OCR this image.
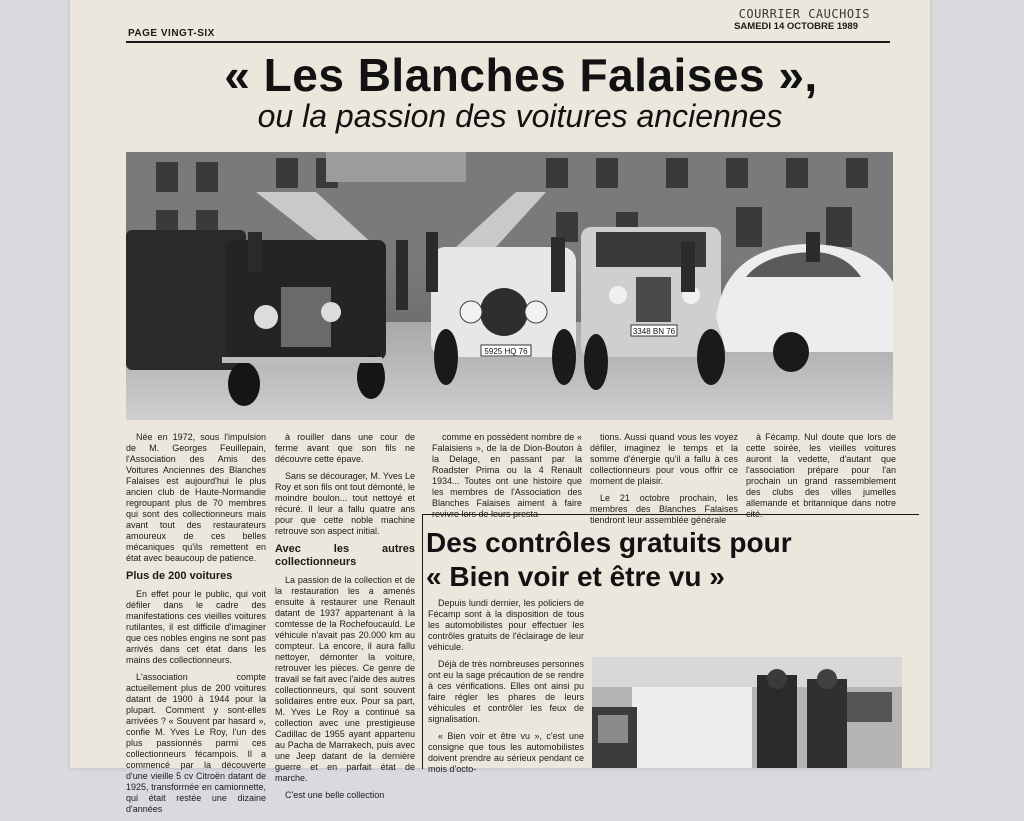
PAGE VINGT-SIX
COURRIER CAUCHOIS
SAMEDI 14 OCTOBRE 1989
« Les Blanches Falaises »,
ou la passion des voitures anciennes
5925 HQ 76
3348 BN 76

Née en 1972, sous l'impulsion de M. Georges Feuillepain, l'Association des Amis des Voitures Anciennes des Blanches Falaises est aujourd'hui le plus ancien club de Haute-Normandie regroupant plus de 70 membres qui sont des collectionneurs mais avant tout des restaurateurs amoureux de ces belles mécaniques qu'ils remettent en état avec beaucoup de patience.

Plus de 200 voitures

En effet pour le public, qui voit défiler dans le cadre des manifestations ces vieilles voitures rutilantes, il est difficile d'imaginer que ces nobles engins ne sont pas arrivés dans cet état dans les mains des collectionneurs.

L'association compte actuellement plus de 200 voitures datant de 1900 à 1944 pour la plupart. Comment y sont-elles arrivées ? « Souvent par hasard », confie M. Yves Le Roy, l'un des plus passionnés parmi ces collectionneurs fécampois. Il a commencé par la découverte d'une vieille 5 cv Citroën datant de 1925, transformée en camionnette, qui était restée une dizaine d'années

à rouiller dans une cour de ferme avant que son fils ne découvre cette épave.

Sans se décourager, M. Yves Le Roy et son fils ont tout démonté, le moindre boulon... tout nettoyé et récuré. Il leur a fallu quatre ans pour que cette noble machine retrouve son aspect initial.

Avec les autres collectionneurs

La passion de la collection et de la restauration les a amenés ensuite à restaurer une Renault datant de 1937 appartenant à la comtesse de la Rochefoucauld. Le véhicule n'avait pas 20.000 km au compteur. La encore, il aura fallu nettoyer, démonter la voiture, retrouver les pièces. Ce genre de travail se fait avec l'aide des autres collectionneurs, qui sont souvent solidaires entre eux. Pour sa part, M. Yves Le Roy a continué sa collection avec une prestigieuse Cadillac de 1955 ayant appartenu au Pacha de Marrakech, puis avec une Jeep datant de la dernière guerre et en parfait état de marche.

C'est une belle collection

comme en possèdent nombre de « Falaisiens », de la de Dion-Bouton à la Delage, en passant par la Roadster Prima ou la 4 Renault 1934... Toutes ont une histoire que les membres de l'Association des Blanches Falaises aiment à faire revivre lors de leurs presta-

tions. Aussi quand vous les voyez défiler, imaginez le temps et la somme d'énergie qu'il a fallu à ces collectionneurs pour vous offrir ce moment de plaisir.

Le 21 octobre prochain, les membres des Blanches Falaises tiendront leur assemblée générale

à Fécamp. Nul doute que lors de cette soirée, les vieilles voitures auront la vedette, d'autant que l'association prépare pour l'an prochain un grand rassemblement des clubs des villes jumelles allemande et britannique dans notre cité.

Des contrôles gratuits pour
« Bien voir et être vu »

Depuis lundi dernier, les policiers de Fécamp sont à la disposition de tous les automobilistes pour effectuer les contrôles gratuits de l'éclairage de leur véhicule.

Déjà de très nombreuses personnes ont eu la sage précaution de se rendre à ces vérifications. Elles ont ainsi pu faire régler les phares de leurs véhicules et contrôler les feux de signalisation.

« Bien voir et être vu », c'est une consigne que tous les automobilistes doivent prendre au sérieux pendant ce mois d'octo-
